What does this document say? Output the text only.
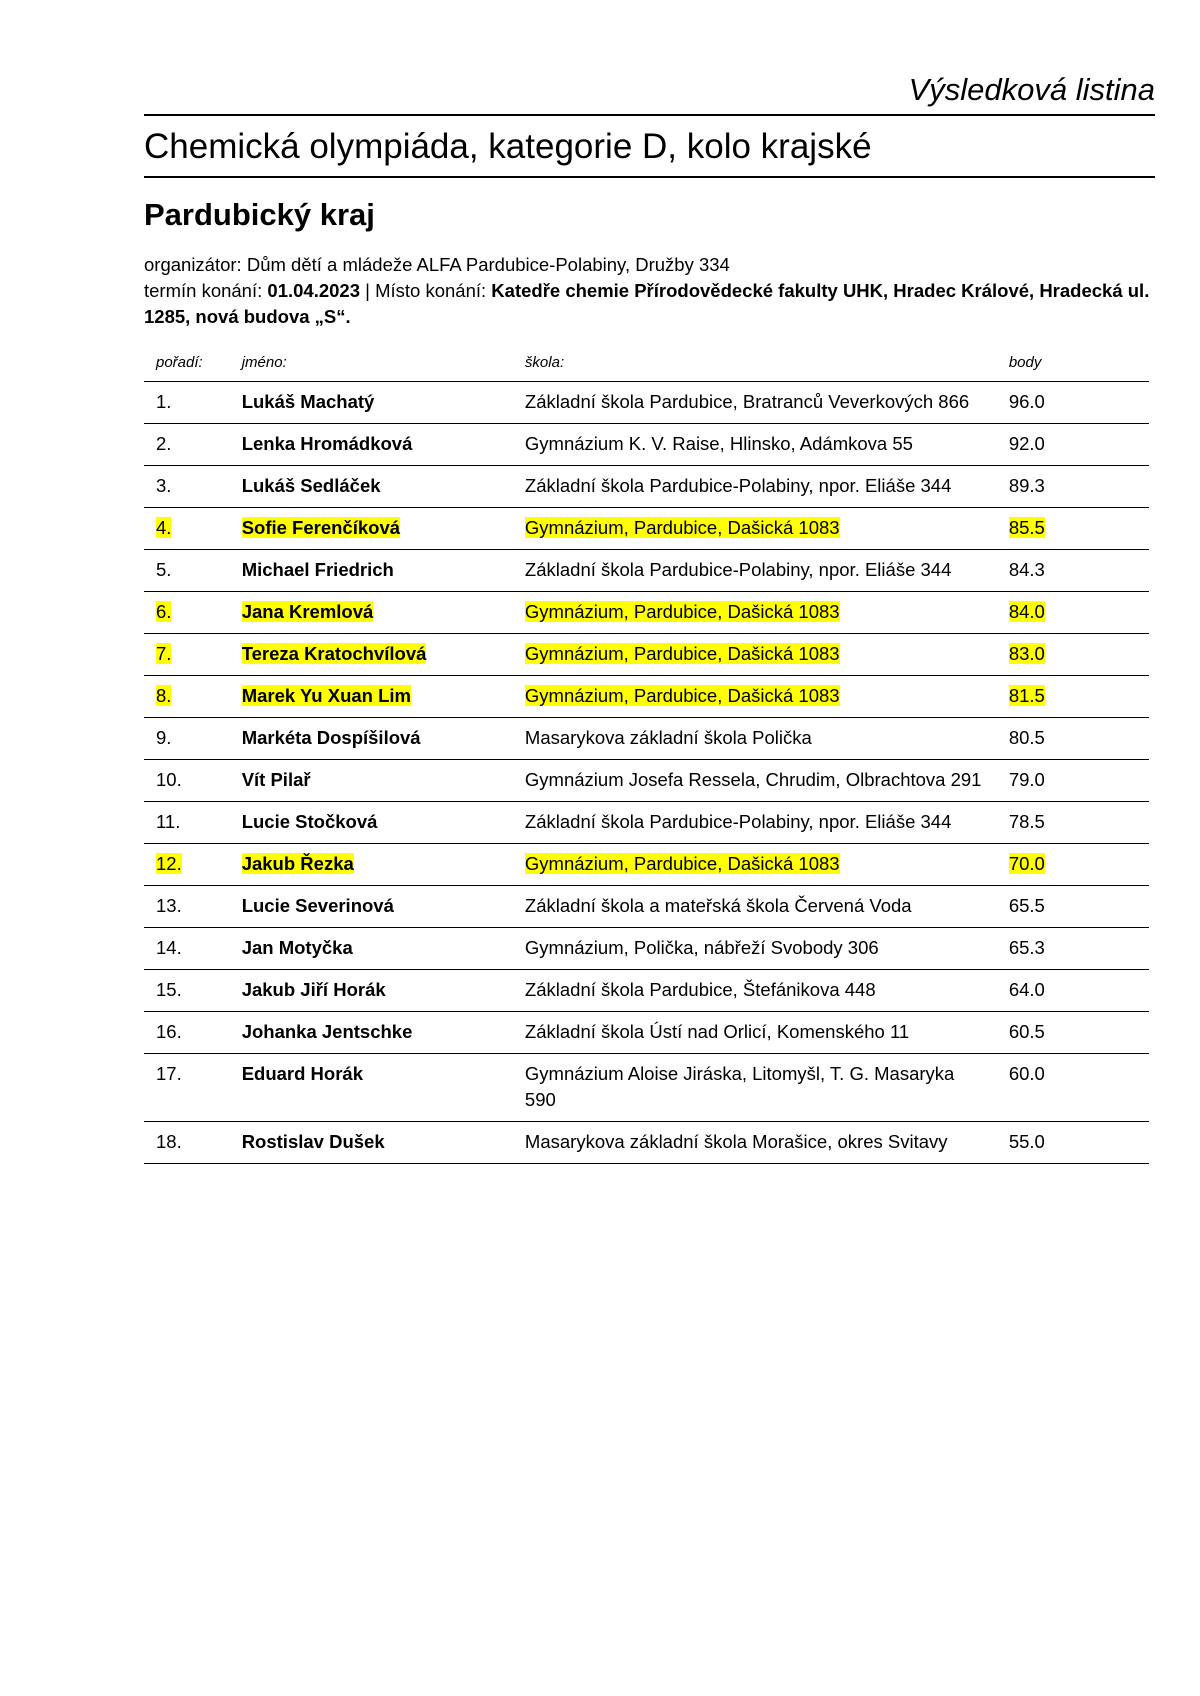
Výsledková listina
Chemická olympiáda, kategorie D, kolo krajské
Pardubický kraj
organizátor: Dům dětí a mládeže ALFA Pardubice-Polabiny, Družby 334
termín konání: 01.04.2023 | Místo konání: Katedře chemie Přírodovědecké fakulty UHK, Hradec Králové, Hradecká ul. 1285, nová budova „S“.
pořadí:	jméno:	škola:	body
1.	Lukáš Machatý	Základní škola Pardubice, Bratranců Veverkových 866	96.0
2.	Lenka Hromádková	Gymnázium K. V. Raise, Hlinsko, Adámkova 55	92.0
3.	Lukáš Sedláček	Základní škola Pardubice-Polabiny, npor. Eliáše 344	89.3
4.	Sofie Ferenčíková	Gymnázium, Pardubice, Dašická 1083	85.5
5.	Michael Friedrich	Základní škola Pardubice-Polabiny, npor. Eliáše 344	84.3
6.	Jana Kremlová	Gymnázium, Pardubice, Dašická 1083	84.0
7.	Tereza Kratochvílová	Gymnázium, Pardubice, Dašická 1083	83.0
8.	Marek Yu Xuan Lim	Gymnázium, Pardubice, Dašická 1083	81.5
9.	Markéta Dospíšilová	Masarykova základní škola Polička	80.5
10.	Vít Pilař	Gymnázium Josefa Ressela, Chrudim, Olbrachtova 291	79.0
11.	Lucie Stočková	Základní škola Pardubice-Polabiny, npor. Eliáše 344	78.5
12.	Jakub Řezka	Gymnázium, Pardubice, Dašická 1083	70.0
13.	Lucie Severinová	Základní škola a mateřská škola Červená Voda	65.5
14.	Jan Motyčka	Gymnázium, Polička, nábřeží Svobody 306	65.3
15.	Jakub Jiří Horák	Základní škola Pardubice, Štefánikova 448	64.0
16.	Johanka Jentschke	Základní škola Ústí nad Orlicí, Komenského 11	60.5
17.	Eduard Horák	Gymnázium Aloise Jiráska, Litomyšl, T. G. Masaryka 590	60.0
18.	Rostislav Dušek	Masarykova základní škola Morašice, okres Svitavy	55.0
